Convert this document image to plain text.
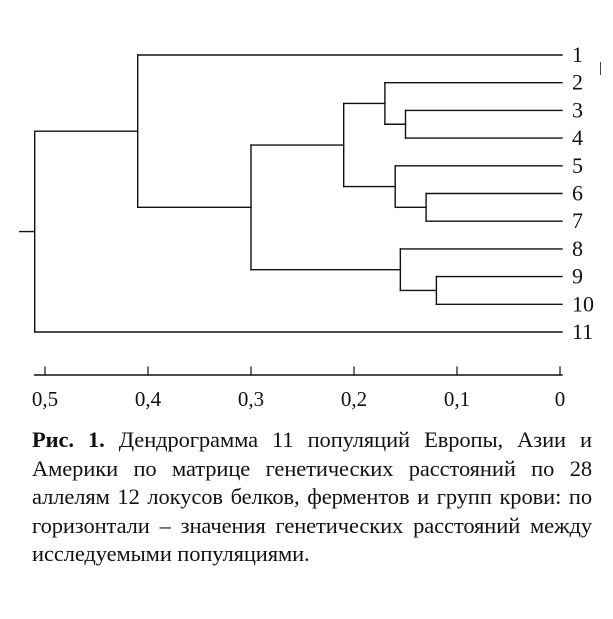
1
2
3
4
5
6
7
8
9
10
11
0,5	0,4	0,3	0,2	0,1	0
Рис. 1. Дендрограмма 11 популяций Европы, Азии и Америки по матрице генетических расстояний по 28 аллелям 12 локусов белков, ферментов и групп крови: по горизонтали – значения генетических расстояний между исследуемыми популяциями.
